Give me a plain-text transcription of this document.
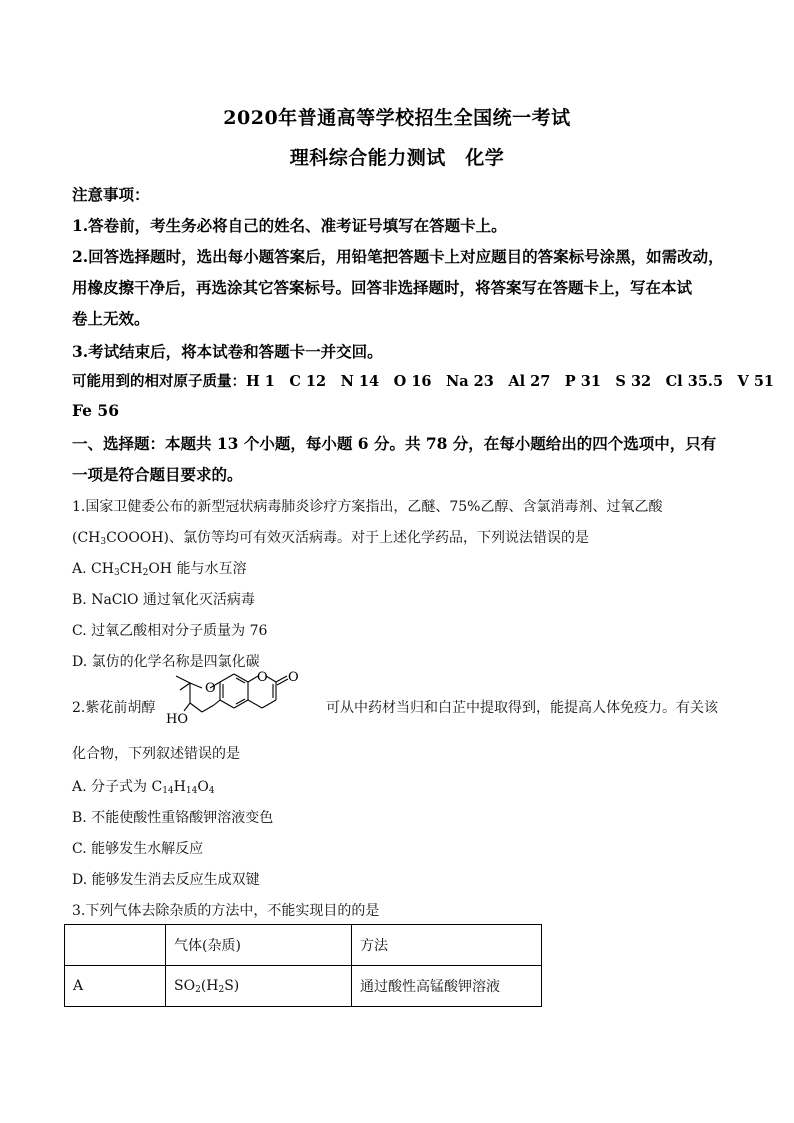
2020年普通高等学校招生全国统一考试
理科综合能力测试　化学
注意事项：
1.答卷前，考生务必将自己的姓名、准考证号填写在答题卡上。
2.回答选择题时，选出每小题答案后，用铅笔把答题卡上对应题目的答案标号涂黑，如需改动，
用橡皮擦干净后，再选涂其它答案标号。回答非选择题时，将答案写在答题卡上，写在本试
卷上无效。
3.考试结束后，将本试卷和答题卡一并交回。
可能用到的相对原子质量：H 1　C 12　N 14　O 16　Na 23　Al 27　P 31　S 32　Cl 35.5　V 51
Fe 56
一、选择题：本题共 13 个小题，每小题 6 分。共 78 分，在每小题给出的四个选项中，只有
一项是符合题目要求的。
1.国家卫健委公布的新型冠状病毒肺炎诊疗方案指出，乙醚、75%乙醇、含氯消毒剂、过氧乙酸
$(CH_3COOOH)$、氯仿等均可有效灭活病毒。对于上述化学药品，下列说法错误的是
A. $CH_3CH_2OH$ 能与水互溶
B. NaClO 通过氧化灭活病毒
C. 过氧乙酸相对分子质量为 76
D. 氯仿的化学名称是四氯化碳
2.紫花前胡醇
O
O O
HO
可从中药材当归和白芷中提取得到，能提高人体免疫力。有关该
化合物，下列叙述错误的是
A. 分子式为 $C_{14}H_{14}O_4$
B. 不能使酸性重铬酸钾溶液变色
C. 能够发生水解反应
D. 能够发生消去反应生成双键
3.下列气体去除杂质的方法中，不能实现目的的是
	气体(杂质)	方法
A	$SO_2(H_2S)$	通过酸性高锰酸钾溶液
